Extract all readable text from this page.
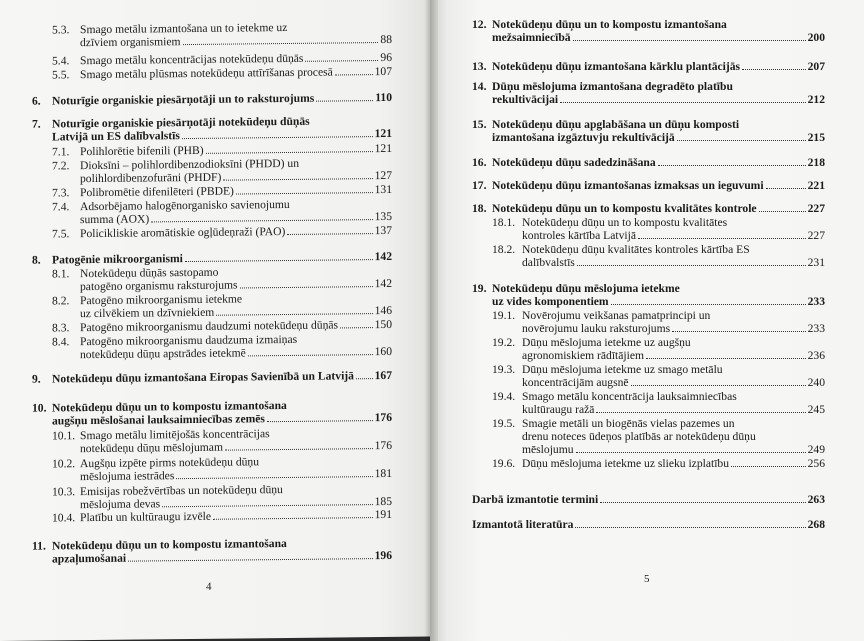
5.3. Smago metālu izmantošana un to ietekme uz
dzīviem organismiem	88
5.4. Smago metālu koncentrācijas notekūdeņu dūņās	96
5.5. Smago metālu plūsmas notekūdeņu attīrīšanas procesā	107
6. Noturīgie organiskie piesārņotāji un to raksturojums	110
7. Noturīgie organiskie piesārņotāji notekūdeņu dūņās
Latvijā un ES dalībvalstīs	121
7.1. Polihlorētie bifenili (PHB)	121
7.2. Dioksīni – polihlordibenzodioksīni (PHDD) un
polihlordibenzofurāni (PHDF)	127
7.3. Polibromētie difenilēteri (PBDE)	131
7.4. Adsorbējamo halogēnorganisko savienojumu
summa (AOX)	135
7.5. Policikliskie aromātiskie ogļūdeņraži (PAO)	137
8. Patogēnie mikroorganismi	142
8.1. Notekūdeņu dūņās sastopamo
patogēno organismu raksturojums	142
8.2. Patogēno mikroorganismu ietekme
uz cilvēkiem un dzīvniekiem	146
8.3. Patogēno mikroorganismu daudzumi notekūdeņu dūņās	150
8.4. Patogēno mikroorganismu daudzuma izmaiņas
notekūdeņu dūņu apstrādes ietekmē	160
9. Notekūdeņu dūņu izmantošana Eiropas Savienībā un Latvijā 167
10. Notekūdeņu dūņu un to kompostu izmantošana
augšņu mēslošanai lauksaimniecības zemēs	176
10.1. Smago metālu limitējošās koncentrācijas
notekūdeņu dūņu mēslojumam	176
10.2. Augšņu izpēte pirms notekūdeņu dūņu
mēslojuma iestrādes	181
10.3. Emisijas robežvērtības un notekūdeņu dūņu
mēslojuma devas	185
10.4. Platību un kultūraugu izvēle	191
11. Notekūdeņu dūņu un to kompostu izmantošana
apzaļumošanai	196
4
12. Notekūdeņu dūņu un to kompostu izmantošana
mežsaimniecībā	200
13. Notekūdeņu dūņu izmantošana kārklu plantācijās	207
14. Dūņu mēslojuma izmantošana degradēto platību
rekultivācijai	212
15. Notekūdeņu dūņu apglabāšana un dūņu komposti
izmantošana izgāztuvju rekultivācijā	215
16. Notekūdeņu dūņu sadedzināšana	218
17. Notekūdeņu dūņu izmantošanas izmaksas un ieguvumi	221
18. Notekūdeņu dūņu un to kompostu kvalitātes kontrole	227
18.1. Notekūdeņu dūņu un to kompostu kvalitātes
kontroles kārtība Latvijā	227
18.2. Notekūdeņu dūņu kvalitātes kontroles kārtība ES
dalībvalstīs	231
19. Notekūdeņu dūņu mēslojuma ietekme
uz vides komponentiem	233
19.1. Novērojumu veikšanas pamatprincipi un
novērojumu lauku raksturojums	233
19.2. Dūņu mēslojuma ietekme uz augšņu
agronomiskiem rādītājiem	236
19.3. Dūņu mēslojuma ietekme uz smago metālu
koncentrācijām augsnē	240
19.4. Smago metālu koncentrācija lauksaimniecības
kultūraugu ražā	245
19.5. Smagie metāli un biogēnās vielas pazemes un
drenu noteces ūdeņos platībās ar notekūdeņu dūņu
mēslojumu	249
19.6. Dūņu mēslojuma ietekme uz slieku izplatību	256
Darbā izmantotie termini	263
Izmantotā literatūra	268
5
